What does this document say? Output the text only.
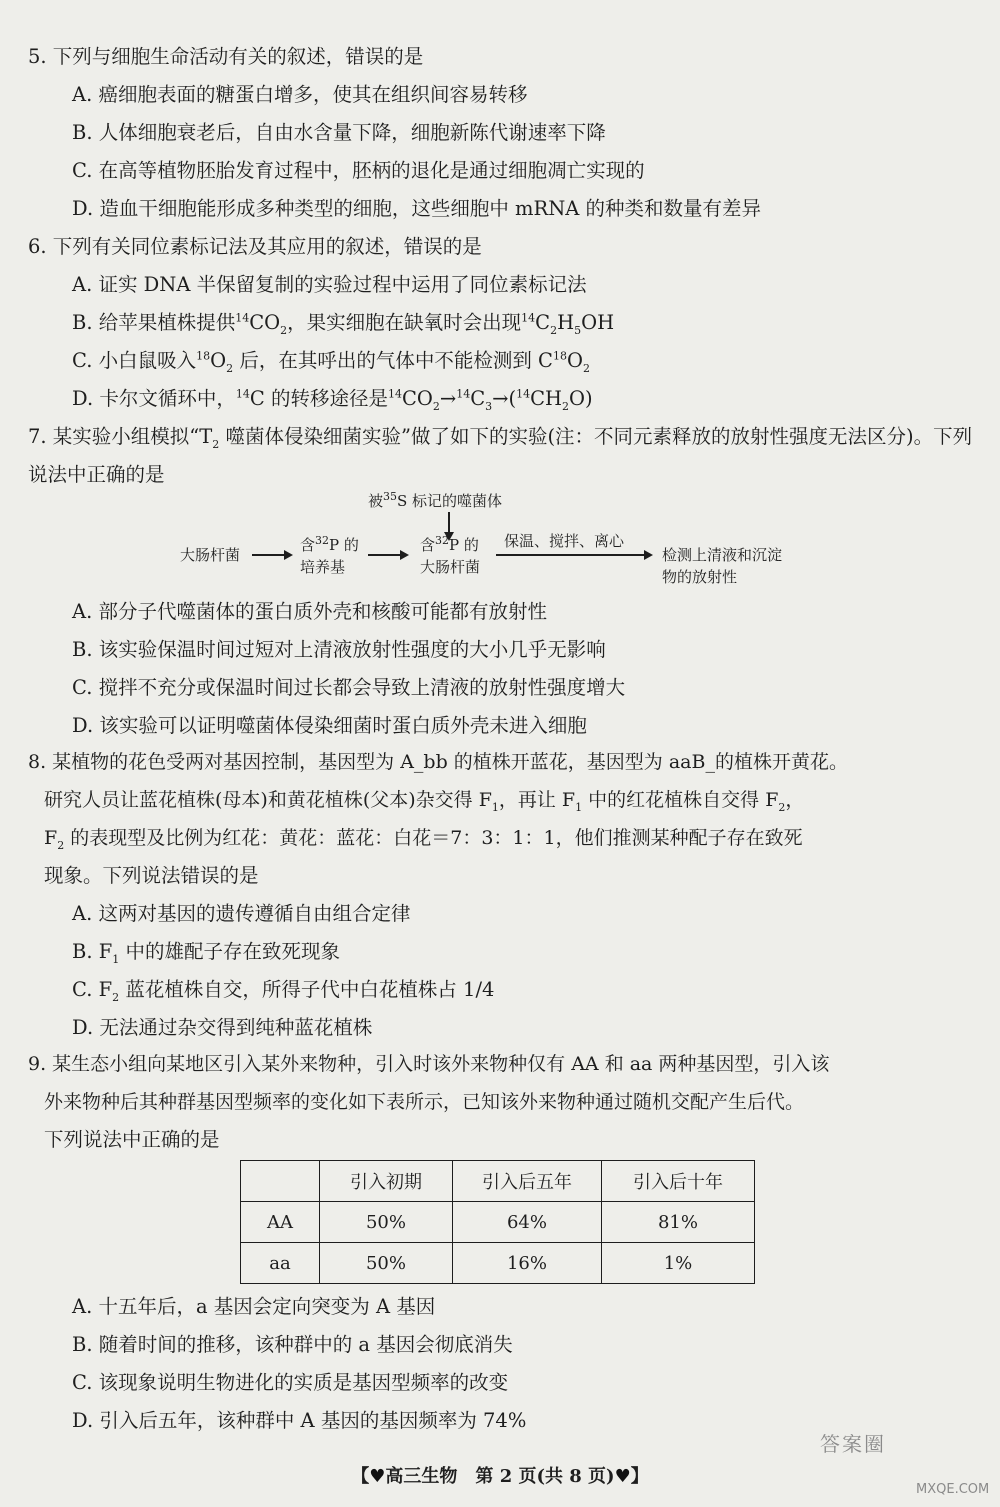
5. 下列与细胞生命活动有关的叙述，错误的是

A. 癌细胞表面的糖蛋白增多，使其在组织间容易转移

B. 人体细胞衰老后，自由水含量下降，细胞新陈代谢速率下降

C. 在高等植物胚胎发育过程中，胚柄的退化是通过细胞凋亡实现的

D. 造血干细胞能形成多种类型的细胞，这些细胞中 mRNA 的种类和数量有差异

6. 下列有关同位素标记法及其应用的叙述，错误的是

A. 证实 DNA 半保留复制的实验过程中运用了同位素标记法

B. 给苹果植株提供$^{14}CO_2$，果实细胞在缺氧时会出现$^{14}C_2H_5OH$

C. 小白鼠吸入$^{18}O_2$ 后，在其呼出的气体中不能检测到 $C^{18}O_2$

D. 卡尔文循环中，$^{14}$C 的转移途径是$^{14}CO_2\to^{14}C_3\to(^{14}CH_2O)$

7. 某实验小组模拟“$T_2$ 噬菌体侵染细菌实验”做了如下的实验(注：不同元素释放的放射性强度无法区分)。下列说法中正确的是

被$^{35}$S 标记的噬菌体
大肠杆菌
含$^{32}$P 的
培养基
含$^{32}$P 的
大肠杆菌
保温、搅拌、离心
检测上清液和沉淀
物的放射性

A. 部分子代噬菌体的蛋白质外壳和核酸可能都有放射性

B. 该实验保温时间过短对上清液放射性强度的大小几乎无影响

C. 搅拌不充分或保温时间过长都会导致上清液的放射性强度增大

D. 该实验可以证明噬菌体侵染细菌时蛋白质外壳未进入细胞

8. 某植物的花色受两对基因控制，基因型为 A_bb 的植株开蓝花，基因型为 aaB_的植株开黄花。

研究人员让蓝花植株(母本)和黄花植株(父本)杂交得 $F_1$，再让 $F_1$ 中的红花植株自交得 $F_2$，

$F_2$ 的表现型及比例为红花：黄花：蓝花：白花＝7：3：1：1，他们推测某种配子存在致死

现象。下列说法错误的是

A. 这两对基因的遗传遵循自由组合定律

B. $F_1$ 中的雄配子存在致死现象

C. $F_2$ 蓝花植株自交，所得子代中白花植株占 1/4

D. 无法通过杂交得到纯种蓝花植株

9. 某生态小组向某地区引入某外来物种，引入时该外来物种仅有 AA 和 aa 两种基因型，引入该

外来物种后其种群基因型频率的变化如下表所示，已知该外来物种通过随机交配产生后代。

下列说法中正确的是

	引入初期	引入后五年	引入后十年
AA	50%	64%	81%
aa	50%	16%	1%

A. 十五年后，a 基因会定向突变为 A 基因

B. 随着时间的推移，该种群中的 a 基因会彻底消失

C. 该现象说明生物进化的实质是基因型频率的改变

D. 引入后五年，该种群中 A 基因的基因频率为 74%

【♥高三生物　第 2 页(共 8 页)♥】
答案圈
MXQE.COM
